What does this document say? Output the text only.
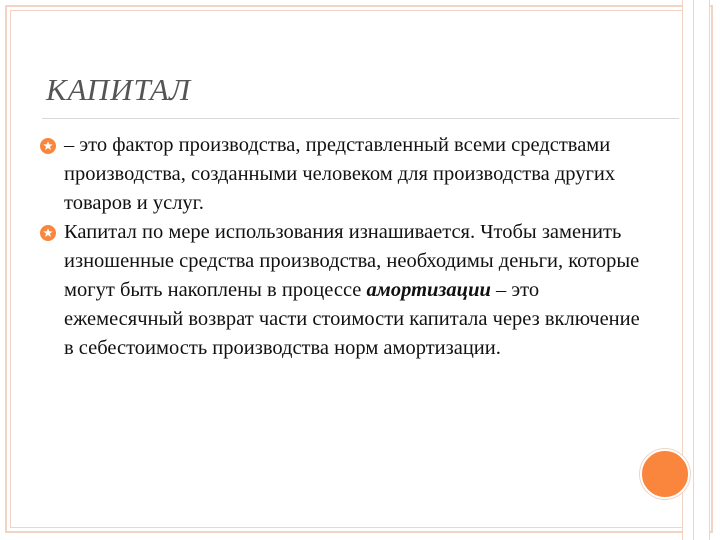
КАПИТАЛ
– это фактор производства, представленный всеми средствами производства, созданными человеком для производства других товаров и услуг.
Капитал по мере использования изнашивается. Чтобы заменить изношенные средства производства, необходимы деньги, которые могут быть накоплены в процессе амортизации – это ежемесячный возврат части стоимости капитала через включение в себестоимость производства норм амортизации.
